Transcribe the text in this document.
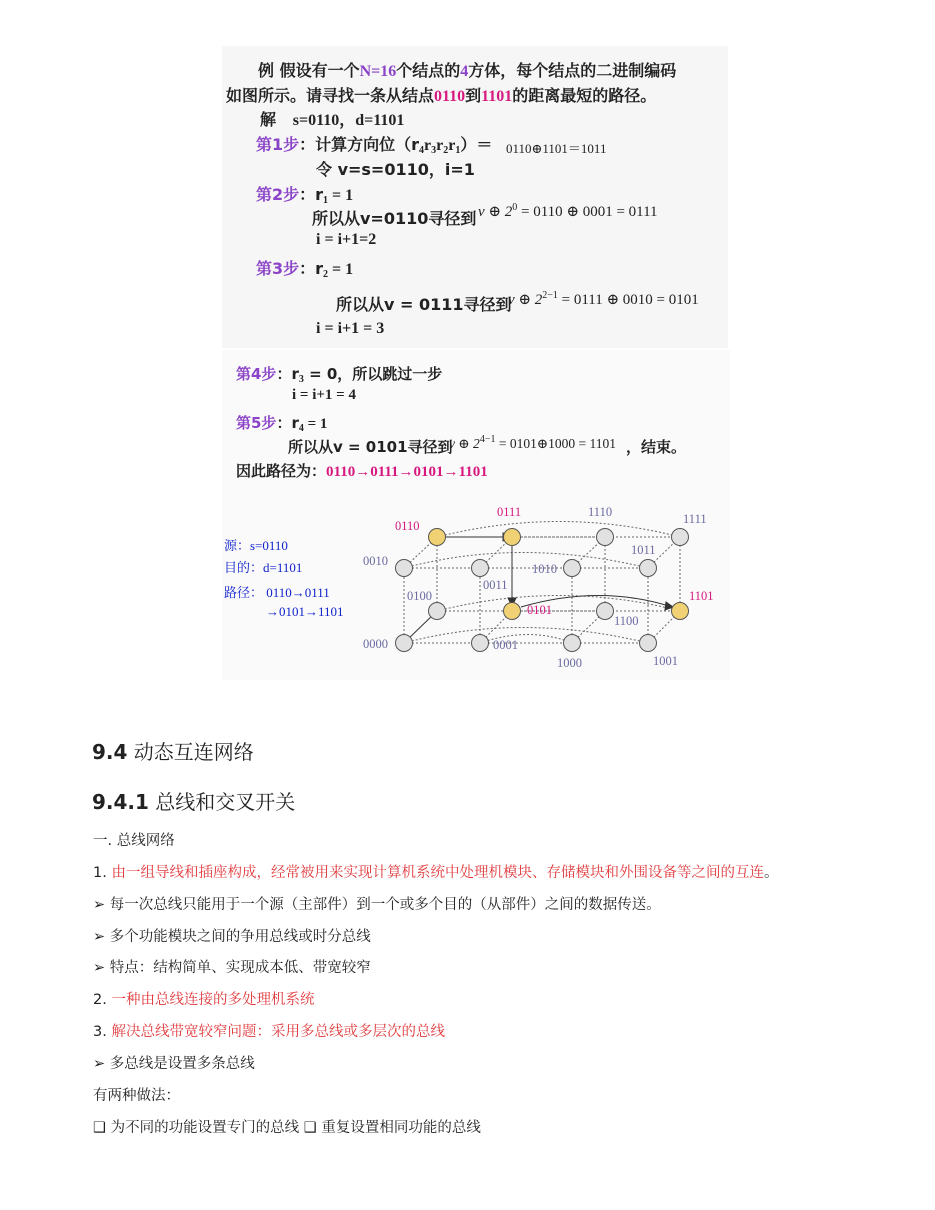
例 假设有一个N=16个结点的4方体，每个结点的二进制编码
如图所示。请寻找一条从结点0110到1101的距离最短的路径。
解 s=0110，d=1101
第1步：计算方向位$(r_4r_3r_2r_1)=$ 0110⊕1101＝1011
令 v=s=0110，i=1
第2步：$r_1 = 1$
所以从v=0110寻径到 v ⊕ $2^0 = 0110$ ⊕ 0001 = 0111
i = i+1=2
第3步：$r_2 = 1$
所以从v = 0111寻径到
v ⊕ $2^{2-1} = 0111$ ⊕ 0010 = 0101
i = i+1 = 3
第4步：$r_3 = 0$，所以跳过一步
i = i+1 = 4
第5步：$r_4 = 1$
所以从v = 0101寻径到
v ⊕ $2^{4-1}$ = 0101⊕1000 = 1101 ，结束。
因此路径为：0110→0111→0101→1101
源：s=0110
目的：d=1101
路径： 0110→0111
→0101→1101
0000	0001
1000	1001
0100
0101
1100
1101
0010
0011
1010
1011
0110
0111	1110	1111
9.4 动态互连网络
9.4.1 总线和交叉开关
一. 总线网络
1. 由一组导线和插座构成，经常被用来实现计算机系统中处理机模块、存储模块和外围设备等之间的互连。
➢ 每一次总线只能用于一个源（主部件）到一个或多个目的（从部件）之间的数据传送。
➢ 多个功能模块之间的争用总线或时分总线
➢ 特点：结构简单、实现成本低、带宽较窄
2. 一种由总线连接的多处理机系统
3. 解决总线带宽较窄问题：采用多总线或多层次的总线
➢ 多总线是设置多条总线
有两种做法：
❑ 为不同的功能设置专门的总线 ❑ 重复设置相同功能的总线
